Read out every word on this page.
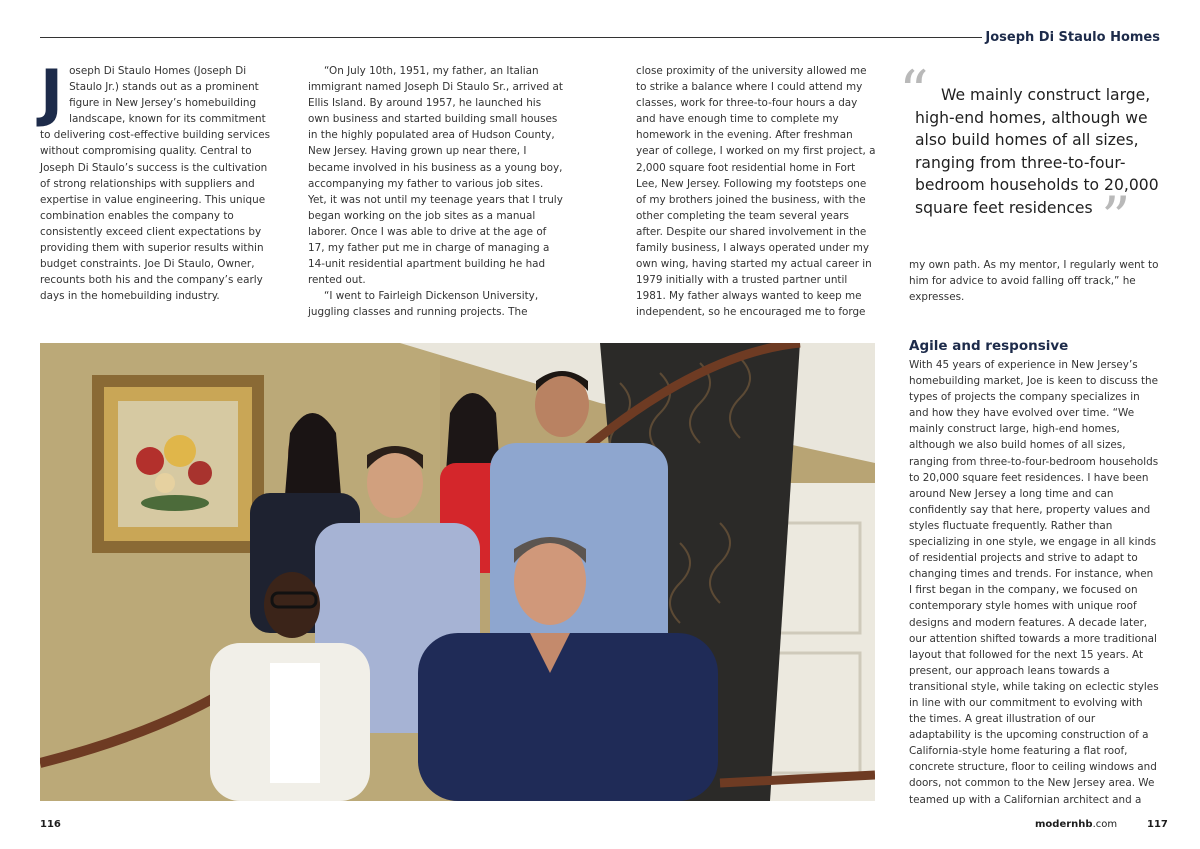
Joseph Di Staulo Homes
J oseph Di Staulo Homes (Joseph Di Staulo Jr.) stands out as a prominent figure in New Jersey’s homebuilding landscape, known for its commitment to delivering cost-effective building services without compromising quality. Central to Joseph Di Staulo’s success is the cultivation of strong relationships with suppliers and expertise in value engineering. This unique combination enables the company to consistently exceed client expectations by providing them with superior results within budget constraints. Joe Di Staulo, Owner, recounts both his and the company’s early days in the homebuilding industry.

“On July 10th, 1951, my father, an Italian immigrant named Joseph Di Staulo Sr., arrived at Ellis Island. By around 1957, he launched his own business and started building small houses in the highly populated area of Hudson County, New Jersey. Having grown up near there, I became involved in his business as a young boy, accompanying my father to various job sites. Yet, it was not until my teenage years that I truly began working on the job sites as a manual laborer. Once I was able to drive at the age of 17, my father put me in charge of managing a 14-unit residential apartment building he had rented out.

“I went to Fairleigh Dickenson University, juggling classes and running projects. The

close proximity of the university allowed me to strike a balance where I could attend my classes, work for three-to-four hours a day and have enough time to complete my homework in the evening. After freshman year of college, I worked on my first project, a 2,000 square foot residential home in Fort Lee, New Jersey. Following my footsteps one of my brothers joined the business, with the other completing the team several years after. Despite our shared involvement in the family business, I always operated under my own wing, having started my actual career in 1979 initially with a trusted partner until 1981. My father always wanted to keep me independent, so he encouraged me to forge

“ We mainly construct large, high-end homes, although we also build homes of all sizes, ranging from three-to-four-bedroom households to 20,000 square feet residences ”

my own path. As my mentor, I regularly went to him for advice to avoid falling off track,” he expresses.

Agile and responsive

With 45 years of experience in New Jersey’s homebuilding market, Joe is keen to discuss the types of projects the company specializes in and how they have evolved over time. “We mainly construct large, high-end homes, although we also build homes of all sizes, ranging from three-to-four-bedroom households to 20,000 square feet residences. I have been around New Jersey a long time and can confidently say that here, property values and styles fluctuate frequently. Rather than specializing in one style, we engage in all kinds of residential projects and strive to adapt to changing times and trends. For instance, when I first began in the company, we focused on contemporary style homes with unique roof designs and modern features. A decade later, our attention shifted towards a more traditional layout that followed for the next 15 years. At present, our approach leans towards a transitional style, while taking on eclectic styles in line with our commitment to evolving with the times. A great illustration of our adaptability is the upcoming construction of a California-style home featuring a flat roof, concrete structure, floor to ceiling windows and doors, not common to the New Jersey area. We teamed up with a Californian architect and a

116	modernhb.com	117
